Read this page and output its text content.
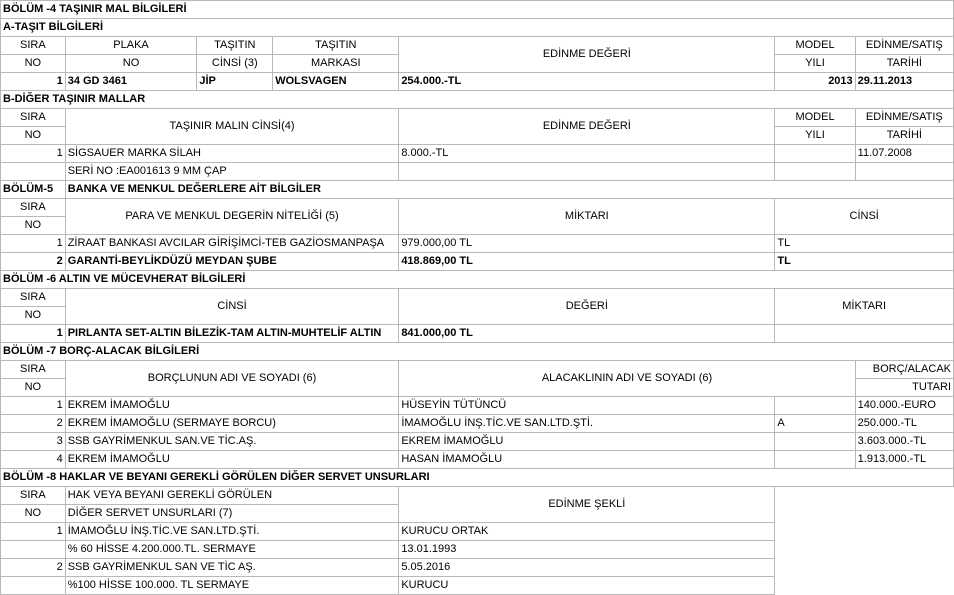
BÖLÜM -4 TAŞINIR MAL BİLGİLERİ						
A-TAŞIT BİLGİLERİ						
SIRA	PLAKA	TAŞITIN	TAŞITIN	EDİNME DEĞERİ	MODEL	EDİNME/SATIŞ
NO	NO	CİNSİ (3)	MARKASI		YILI	TARİHİ
1	34 GD 3461	JİP	WOLSVAGEN	254.000.-TL	2013	29.11.2013
B-DİĞER TAŞINIR MALLAR						
SIRA	TAŞINIR MALIN CİNSİ(4)			EDİNME DEĞERİ	MODEL	EDİNME/SATIŞ
NO					YILI	TARİHİ
1	SİGSAUER MARKA SİLAH			8.000.-TL		11.07.2008
	SERİ NO :EA001613 9 MM ÇAP					
BÖLÜM-5	BANKA VE MENKUL DEĞERLERE AİT BİLGİLER					
SIRA	PARA VE MENKUL DEGERİN NİTELİĞİ (5)			MİKTARI	CİNSİ	
NO						
1	ZİRAAT BANKASI AVCILAR GİRİŞİMCİ-TEB GAZİOSMANPAŞA			979.000,00 TL	TL	
2	GARANTİ-BEYLİKDÜZÜ MEYDAN ŞUBE			418.869,00 TL	TL	
BÖLÜM -6 ALTIN VE MÜCEVHERAT BİLGİLERİ						
SIRA	CİNSİ			DEĞERİ	MİKTARI	
NO						
1	PIRLANTA SET-ALTIN BİLEZİK-TAM ALTIN-MUHTELİF ALTIN			841.000,00 TL		
BÖLÜM -7 BORÇ-ALACAK BİLGİLERİ						
SIRA	BORÇLUNUN ADI VE SOYADI (6)			ALACAKLININ ADI VE SOYADI (6)		BORÇ/ALACAK
NO						TUTARI
1	EKREM İMAMOĞLU			HÜSEYİN TÜTÜNCÜ		140.000.-EURO
2	EKREM İMAMOĞLU (SERMAYE BORCU)			İMAMOĞLU İNŞ.TİC.VE SAN.LTD.ŞTİ.	A	250.000.-TL
3	SSB GAYRİMENKUL SAN.VE TİC.AŞ.			EKREM İMAMOĞLU		3.603.000.-TL
4	EKREM İMAMOĞLU			HASAN İMAMOĞLU		1.913.000.-TL
BÖLÜM -8 HAKLAR VE BEYANI GEREKLİ GÖRÜLEN DİĞER SERVET UNSURLARI						
SIRA	HAK VEYA BEYANI GEREKLİ GÖRÜLEN			EDİNME ŞEKLİ		
NO	DİĞER SERVET UNSURLARI (7)					
1	İMAMOĞLU İNŞ.TİC.VE SAN.LTD.ŞTİ.			KURUCU ORTAK		
	% 60 HİSSE 4.200.000.TL. SERMAYE			13.01.1993		
2	SSB GAYRİMENKUL SAN VE TİC AŞ.			5.05.2016		
	%100 HİSSE 100.000. TL SERMAYE			KURUCU		
